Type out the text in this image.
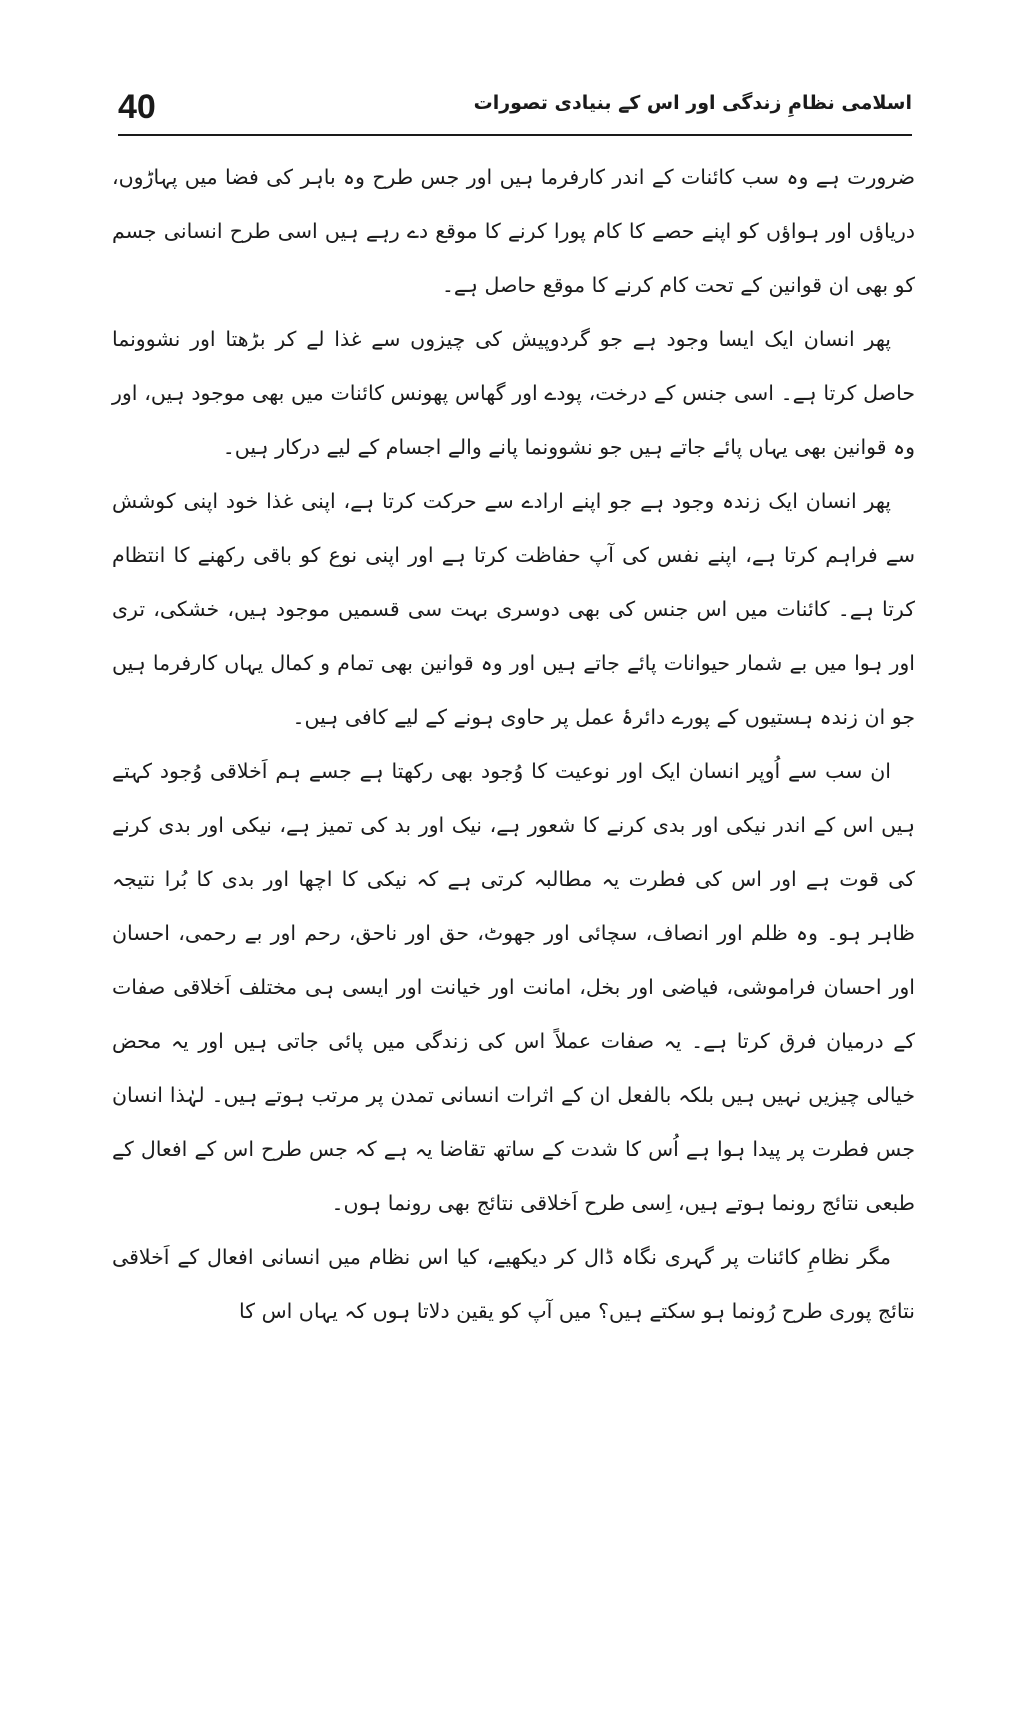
40	اسلامی نظامِ زندگی اور اس کے بنیادی تصورات

ضرورت ہے وہ سب کائنات کے اندر کارفرما ہیں اور جس طرح وہ باہر کی فضا میں پہاڑوں، دریاؤں اور ہواؤں کو اپنے حصے کا کام پورا کرنے کا موقع دے رہے ہیں اسی طرح انسانی جسم کو بھی ان قوانین کے تحت کام کرنے کا موقع حاصل ہے۔

پھر انسان ایک ایسا وجود ہے جو گردوپیش کی چیزوں سے غذا لے کر بڑھتا اور نشوونما حاصل کرتا ہے۔ اسی جنس کے درخت، پودے اور گھاس پھونس کائنات میں بھی موجود ہیں، اور وہ قوانین بھی یہاں پائے جاتے ہیں جو نشوونما پانے والے اجسام کے لیے درکار ہیں۔

پھر انسان ایک زندہ وجود ہے جو اپنے ارادے سے حرکت کرتا ہے، اپنی غذا خود اپنی کوشش سے فراہم کرتا ہے، اپنے نفس کی آپ حفاظت کرتا ہے اور اپنی نوع کو باقی رکھنے کا انتظام کرتا ہے۔ کائنات میں اس جنس کی بھی دوسری بہت سی قسمیں موجود ہیں، خشکی، تری اور ہوا میں بے شمار حیوانات پائے جاتے ہیں اور وہ قوانین بھی تمام و کمال یہاں کارفرما ہیں جو ان زندہ ہستیوں کے پورے دائرۂ عمل پر حاوی ہونے کے لیے کافی ہیں۔

ان سب سے اُوپر انسان ایک اور نوعیت کا وُجود بھی رکھتا ہے جسے ہم اَخلاقی وُجود کہتے ہیں اس کے اندر نیکی اور بدی کرنے کا شعور ہے، نیک اور بد کی تمیز ہے، نیکی اور بدی کرنے کی قوت ہے اور اس کی فطرت یہ مطالبہ کرتی ہے کہ نیکی کا اچھا اور بدی کا بُرا نتیجہ ظاہر ہو۔ وہ ظلم اور انصاف، سچائی اور جھوٹ، حق اور ناحق، رحم اور بے رحمی، احسان اور احسان فراموشی، فیاضی اور بخل، امانت اور خیانت اور ایسی ہی مختلف اَخلاقی صفات کے درمیان فرق کرتا ہے۔ یہ صفات عملاً اس کی زندگی میں پائی جاتی ہیں اور یہ محض خیالی چیزیں نہیں ہیں بلکہ بالفعل ان کے اثرات انسانی تمدن پر مرتب ہوتے ہیں۔ لہٰذا انسان جس فطرت پر پیدا ہوا ہے اُس کا شدت کے ساتھ تقاضا یہ ہے کہ جس طرح اس کے افعال کے طبعی نتائج رونما ہوتے ہیں، اِسی طرح اَخلاقی نتائج بھی رونما ہوں۔

مگر نظامِ کائنات پر گہری نگاہ ڈال کر دیکھیے، کیا اس نظام میں انسانی افعال کے اَخلاقی نتائج پوری طرح رُونما ہو سکتے ہیں؟ میں آپ کو یقین دلاتا ہوں کہ یہاں اس کا
